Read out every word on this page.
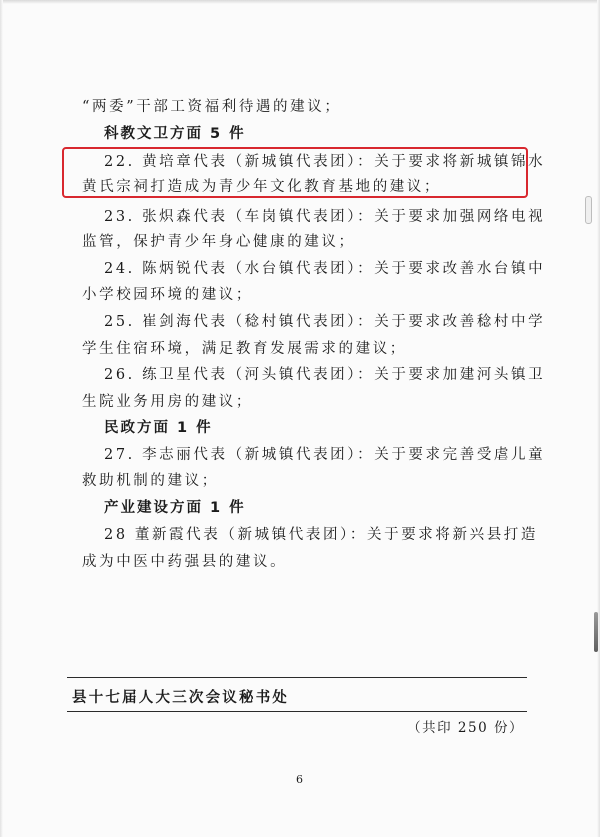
“两委”干部工资福利待遇的建议；
科教文卫方面 5 件
22. 黄培章代表（新城镇代表团）：关于要求将新城镇锦水
黄氏宗祠打造成为青少年文化教育基地的建议；
23. 张炽森代表（车岗镇代表团）：关于要求加强网络电视
监管，保护青少年身心健康的建议；
24. 陈炳锐代表（水台镇代表团）：关于要求改善水台镇中
小学校园环境的建议；
25. 崔剑海代表（稔村镇代表团）：关于要求改善稔村中学
学生住宿环境，满足教育发展需求的建议；
26. 练卫星代表（河头镇代表团）：关于要求加建河头镇卫
生院业务用房的建议；
民政方面 1 件
27. 李志丽代表（新城镇代表团）：关于要求完善受虐儿童
救助机制的建议；
产业建设方面 1 件
28 董新霞代表（新城镇代表团）：关于要求将新兴县打造
成为中医中药强县的建议。
县十七届人大三次会议秘书处
（共印 250 份）
6
